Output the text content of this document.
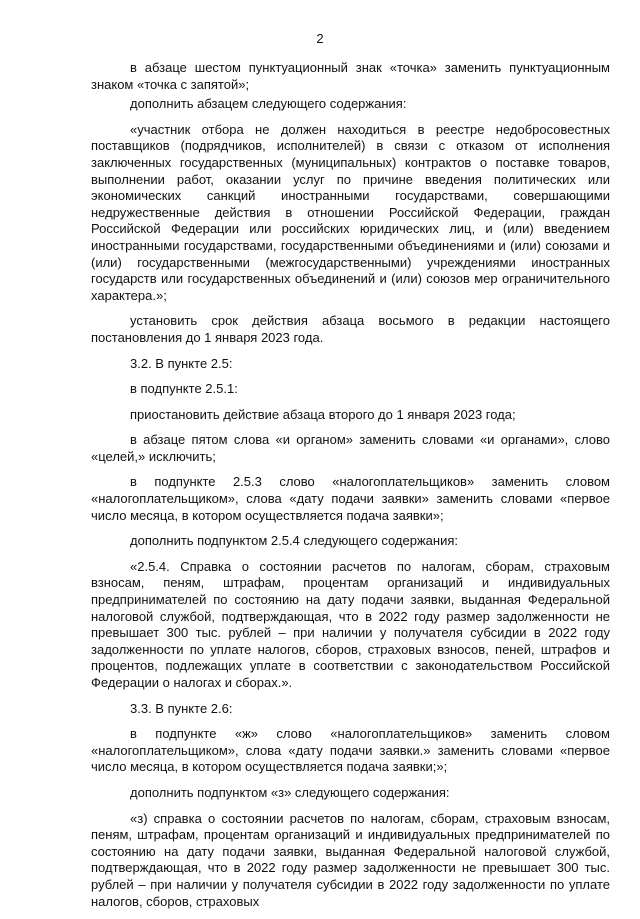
2

в абзаце шестом пунктуационный знак «точка» заменить пунктуационным знаком «точка с запятой»;

дополнить абзацем следующего содержания:

«участник отбора не должен находиться в реестре недобросовестных поставщиков (подрядчиков, исполнителей) в связи с отказом от исполнения заключенных государственных (муниципальных) контрактов о поставке товаров, выполнении работ, оказании услуг по причине введения политических или экономических санкций иностранными государствами, совершающими недружественные действия в отношении Российской Федерации, граждан Российской Федерации или российских юридических лиц, и (или) введением иностранными государствами, государственными объединениями и (или) союзами и (или) государственными (межгосударственными) учреждениями иностранных государств или государственных объединений и (или) союзов мер ограничительного характера.»;

установить срок действия абзаца восьмого в редакции настоящего постановления до 1 января 2023 года.

3.2. В пункте 2.5:

в подпункте 2.5.1:

приостановить действие абзаца второго до 1 января 2023 года;

в абзаце пятом слова «и органом» заменить словами «и органами», слово «целей,» исключить;

в подпункте 2.5.3 слово «налогоплательщиков» заменить словом «налогоплательщиком», слова «дату подачи заявки» заменить словами «первое число месяца, в котором осуществляется подача заявки»;

дополнить подпунктом 2.5.4 следующего содержания:

«2.5.4. Справка о состоянии расчетов по налогам, сборам, страховым взносам, пеням, штрафам, процентам организаций и индивидуальных предпринимателей по состоянию на дату подачи заявки, выданная Федеральной налоговой службой, подтверждающая, что в 2022 году размер задолженности не превышает 300 тыс. рублей – при наличии у получателя субсидии в 2022 году задолженности по уплате налогов, сборов, страховых взносов, пеней, штрафов и процентов, подлежащих уплате в соответствии с законодательством Российской Федерации о налогах и сборах.».

3.3. В пункте 2.6:

в подпункте «ж» слово «налогоплательщиков» заменить словом «налогоплательщиком», слова «дату подачи заявки.» заменить словами «первое число месяца, в котором осуществляется подача заявки;»;

дополнить подпунктом «з» следующего содержания:

«з) справка о состоянии расчетов по налогам, сборам, страховым взносам, пеням, штрафам, процентам организаций и индивидуальных предпринимателей по состоянию на дату подачи заявки, выданная Федеральной налоговой службой, подтверждающая, что в 2022 году размер задолженности не превышает 300 тыс. рублей – при наличии у получателя субсидии в 2022 году задолженности по уплате налогов, сборов, страховых
